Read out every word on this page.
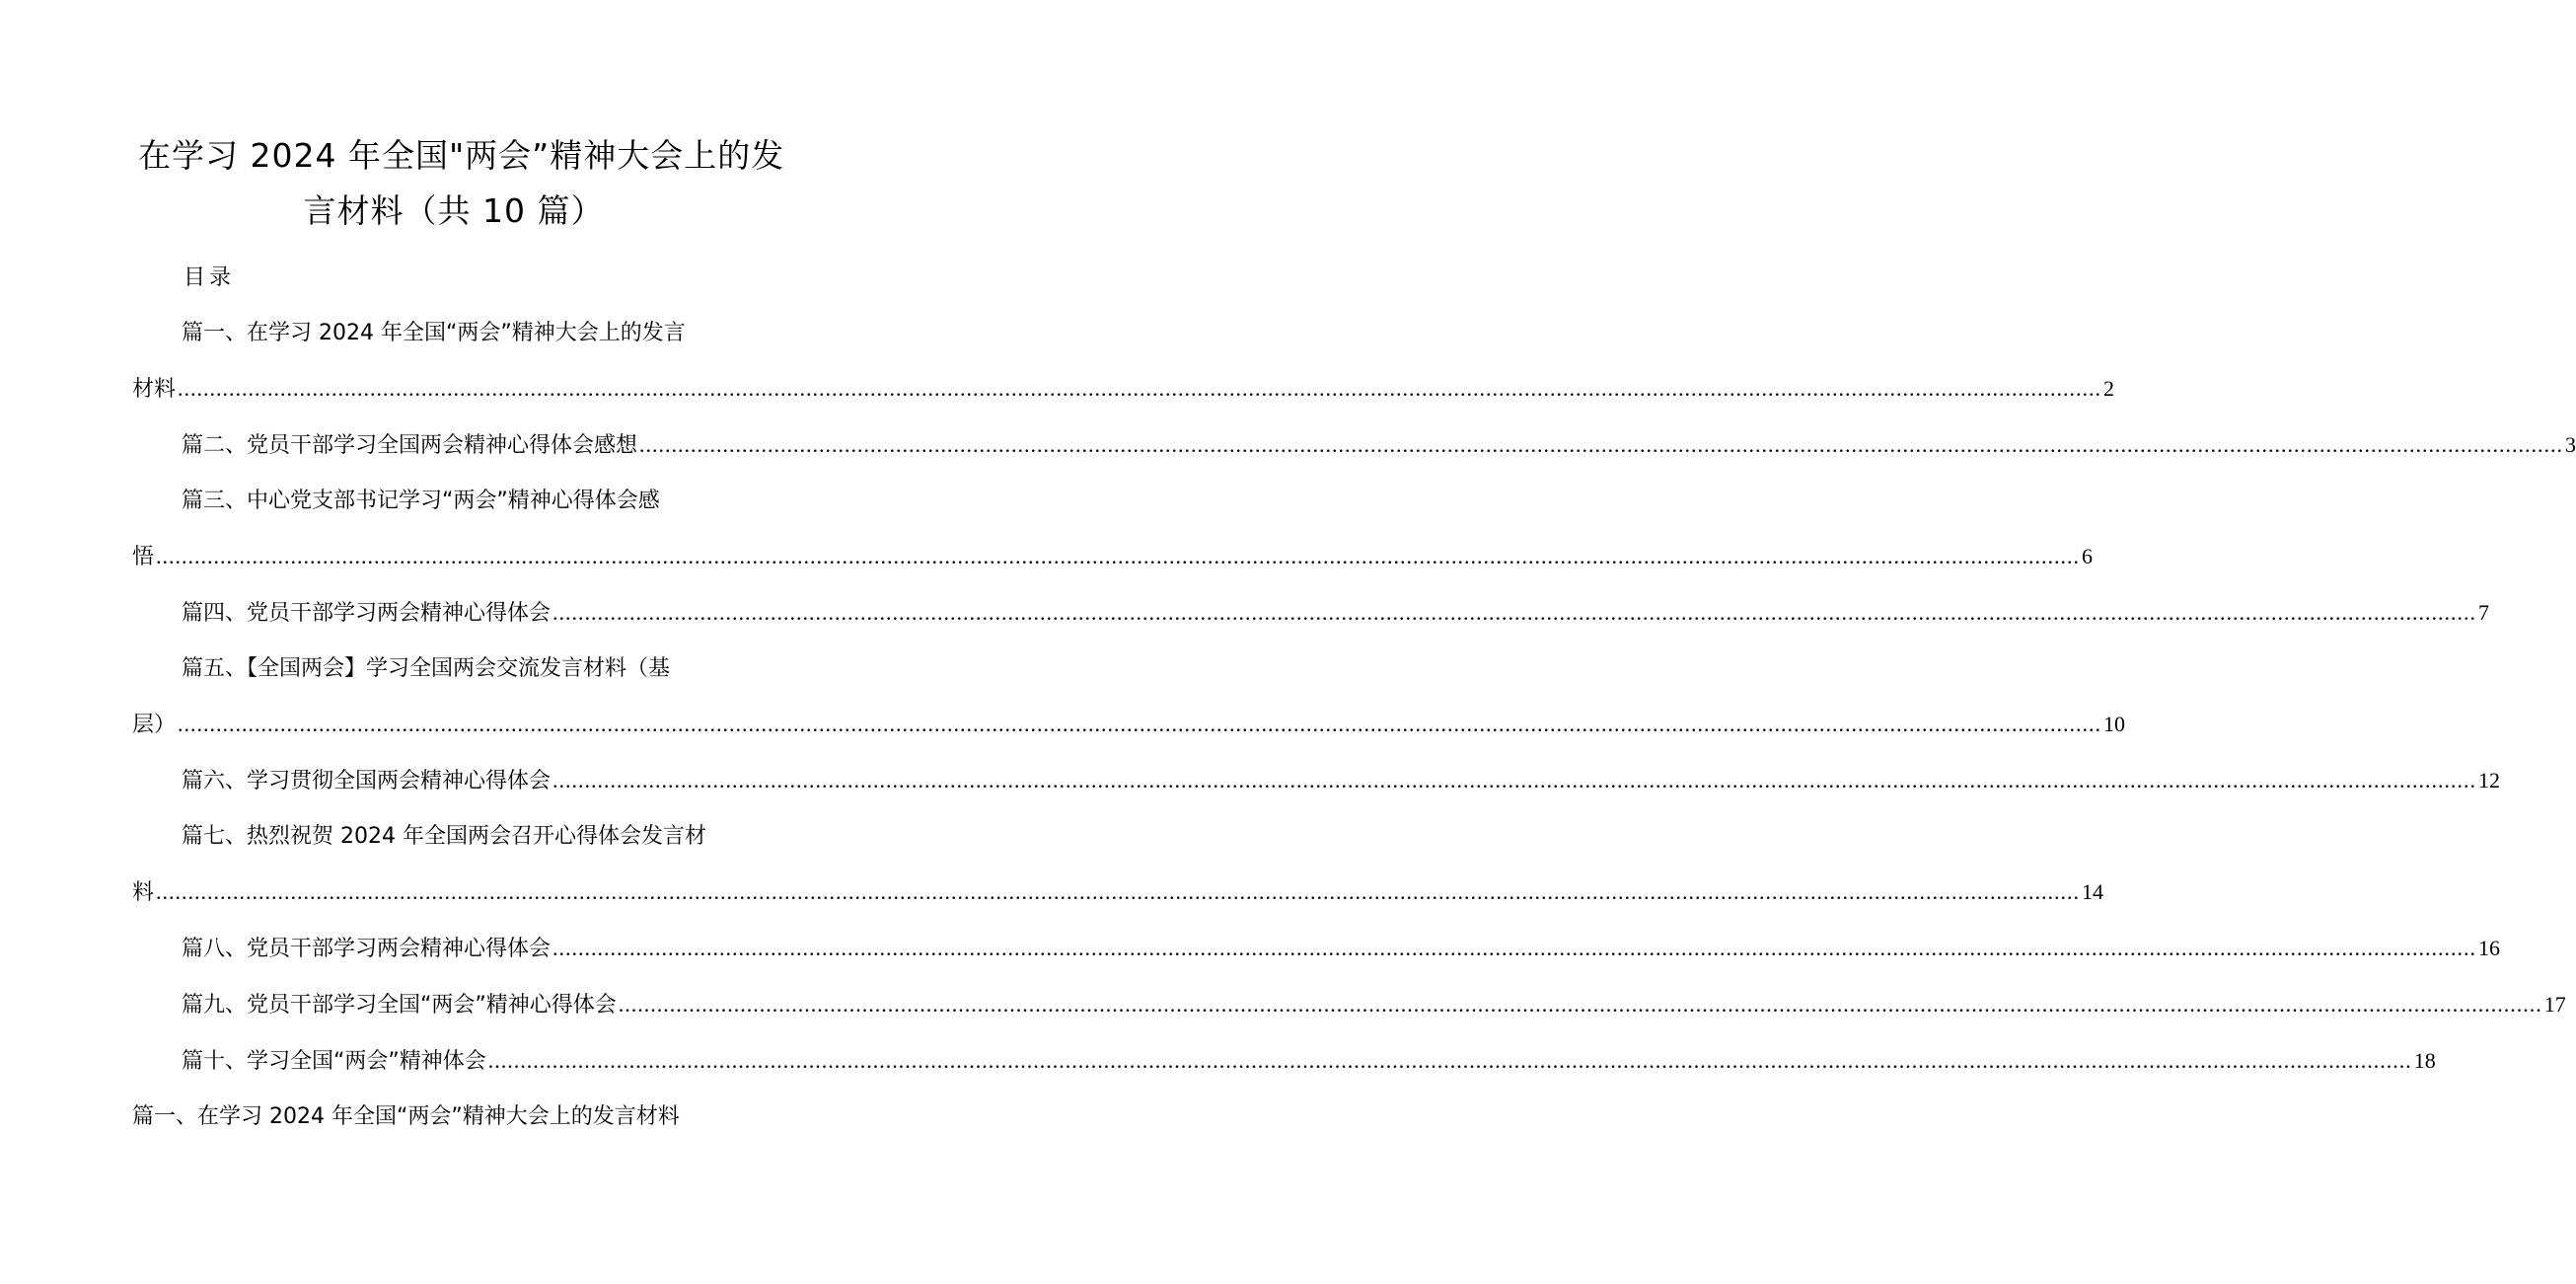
在学习 2024 年全国"两会”精神大会上的发
言材料（共 10 篇）
目录
篇一、在学习 2024 年全国“两会”精神大会上的发言
材料 ............................................................................................................................................................................................................................................................................................................ 2
篇二、党员干部学习全国两会精神心得体会感想 ............................................................................................................................................................................................................................................................................................................ 3
篇三、中心党支部书记学习“两会”精神心得体会感
悟 ............................................................................................................................................................................................................................................................................................................ 6
篇四、党员干部学习两会精神心得体会 ............................................................................................................................................................................................................................................................................................................ 7
篇五、【全国两会】学习全国两会交流发言材料（基
层） ............................................................................................................................................................................................................................................................................................................ 10
篇六、学习贯彻全国两会精神心得体会 ............................................................................................................................................................................................................................................................................................................ 12
篇七、热烈祝贺 2024 年全国两会召开心得体会发言材
料 ............................................................................................................................................................................................................................................................................................................ 14
篇八、党员干部学习两会精神心得体会 ............................................................................................................................................................................................................................................................................................................ 16
篇九、党员干部学习全国“两会”精神心得体会 ............................................................................................................................................................................................................................................................................................................ 17
篇十、学习全国“两会”精神体会 ............................................................................................................................................................................................................................................................................................................ 18
篇一、在学习 2024 年全国“两会”精神大会上的发言材料
